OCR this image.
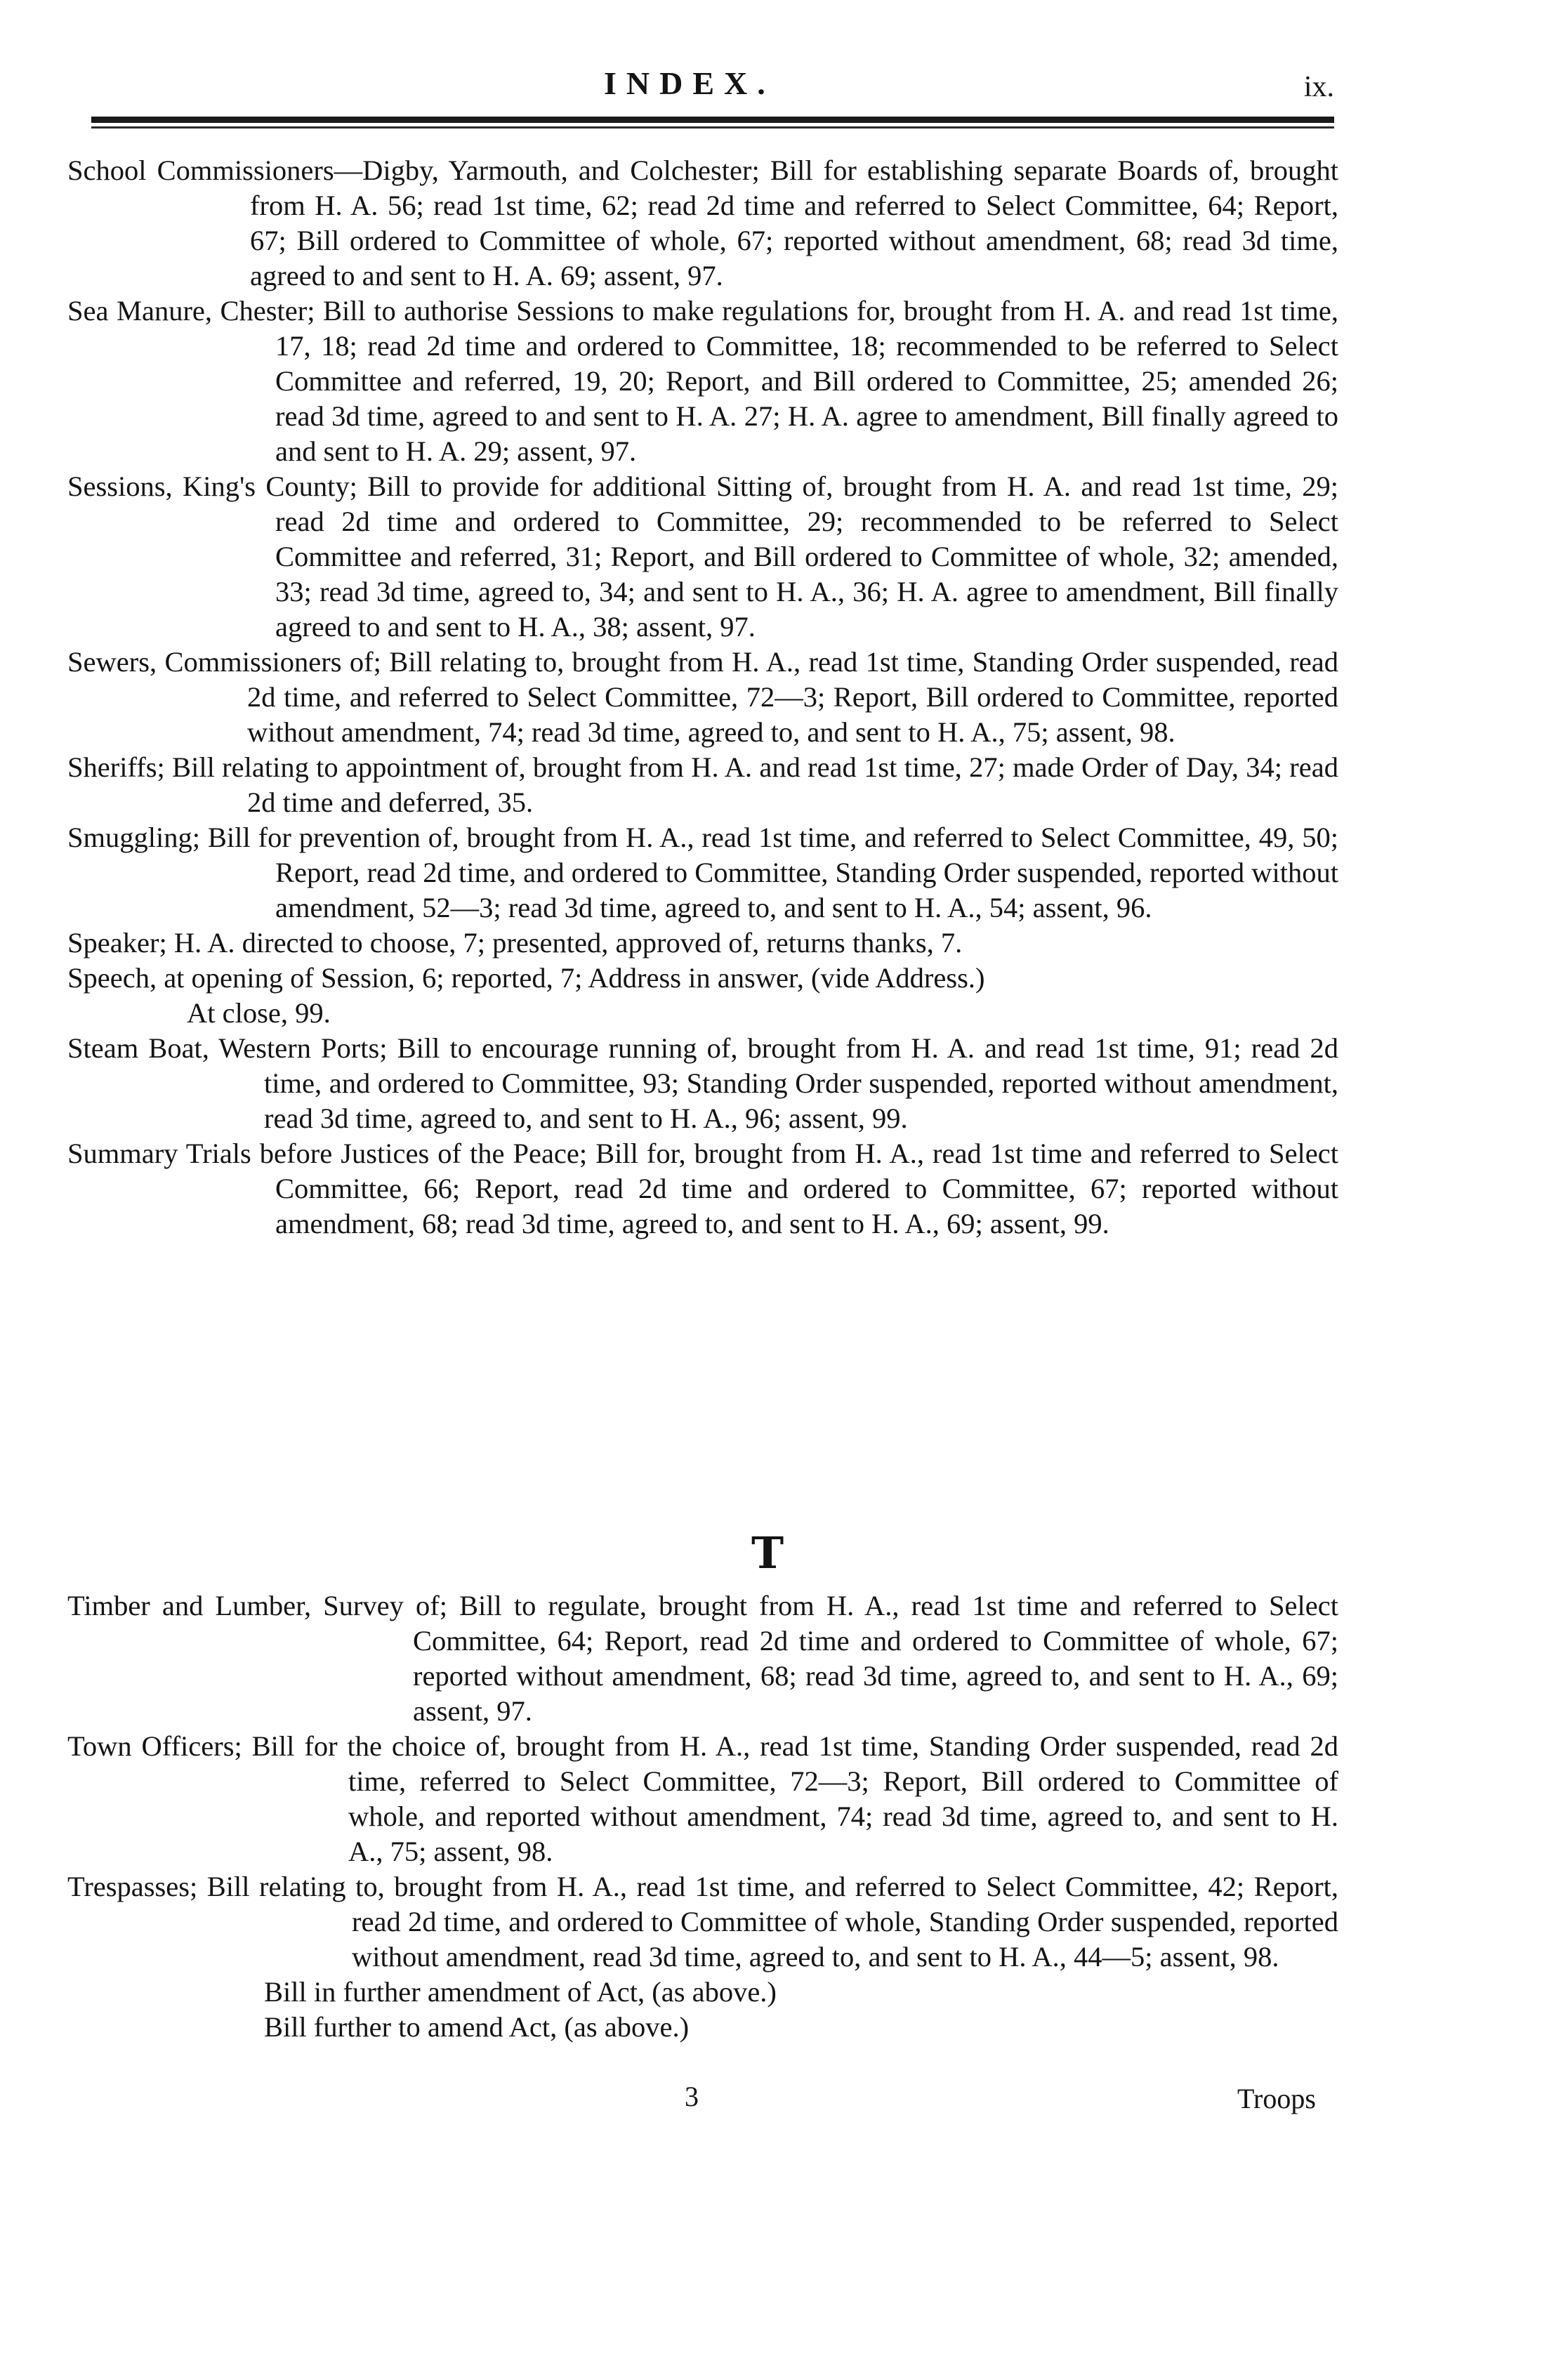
INDEX.	ix.

School Commissioners—Digby, Yarmouth, and Colchester; Bill for establishing separate Boards of, brought from H. A. 56; read 1st time, 62; read 2d time and referred to Select Committee, 64; Report, 67; Bill ordered to Committee of whole, 67; reported without amendment, 68; read 3d time, agreed to and sent to H. A. 69; assent, 97.

Sea Manure, Chester; Bill to authorise Sessions to make regulations for, brought from H. A. and read 1st time, 17, 18; read 2d time and ordered to Committee, 18; recommended to be referred to Select Committee and referred, 19, 20; Report, and Bill ordered to Committee, 25; amended 26; read 3d time, agreed to and sent to H. A. 27; H. A. agree to amendment, Bill finally agreed to and sent to H. A. 29; assent, 97.

Sessions, King's County; Bill to provide for additional Sitting of, brought from H. A. and read 1st time, 29; read 2d time and ordered to Committee, 29; recommended to be referred to Select Committee and referred, 31; Report, and Bill ordered to Committee of whole, 32; amended, 33; read 3d time, agreed to, 34; and sent to H. A., 36; H. A. agree to amendment, Bill finally agreed to and sent to H. A., 38; assent, 97.

Sewers, Commissioners of; Bill relating to, brought from H. A., read 1st time, Standing Order suspended, read 2d time, and referred to Select Committee, 72—3; Report, Bill ordered to Committee, reported without amendment, 74; read 3d time, agreed to, and sent to H. A., 75; assent, 98.

Sheriffs; Bill relating to appointment of, brought from H. A. and read 1st time, 27; made Order of Day, 34; read 2d time and deferred, 35.

Smuggling; Bill for prevention of, brought from H. A., read 1st time, and referred to Select Committee, 49, 50; Report, read 2d time, and ordered to Committee, Standing Order suspended, reported without amendment, 52—3; read 3d time, agreed to, and sent to H. A., 54; assent, 96.

Speaker; H. A. directed to choose, 7; presented, approved of, returns thanks, 7.

Speech, at opening of Session, 6; reported, 7; Address in answer, (vide Address.)

At close, 99.

Steam Boat, Western Ports; Bill to encourage running of, brought from H. A. and read 1st time, 91; read 2d time, and ordered to Committee, 93; Standing Order suspended, reported without amendment, read 3d time, agreed to, and sent to H. A., 96; assent, 99.

Summary Trials before Justices of the Peace; Bill for, brought from H. A., read 1st time and referred to Select Committee, 66; Report, read 2d time and ordered to Committee, 67; reported without amendment, 68; read 3d time, agreed to, and sent to H. A., 69; assent, 99.

T

Timber and Lumber, Survey of; Bill to regulate, brought from H. A., read 1st time and referred to Select Committee, 64; Report, read 2d time and ordered to Committee of whole, 67; reported without amendment, 68; read 3d time, agreed to, and sent to H. A., 69; assent, 97.

Town Officers; Bill for the choice of, brought from H. A., read 1st time, Standing Order suspended, read 2d time, referred to Select Committee, 72—3; Report, Bill ordered to Committee of whole, and reported without amendment, 74; read 3d time, agreed to, and sent to H. A., 75; assent, 98.

Trespasses; Bill relating to, brought from H. A., read 1st time, and referred to Select Committee, 42; Report, read 2d time, and ordered to Committee of whole, Standing Order suspended, reported without amendment, read 3d time, agreed to, and sent to H. A., 44—5; assent, 98.

Bill in further amendment of Act, (as above.)

Bill further to amend Act, (as above.)

3	Troops
